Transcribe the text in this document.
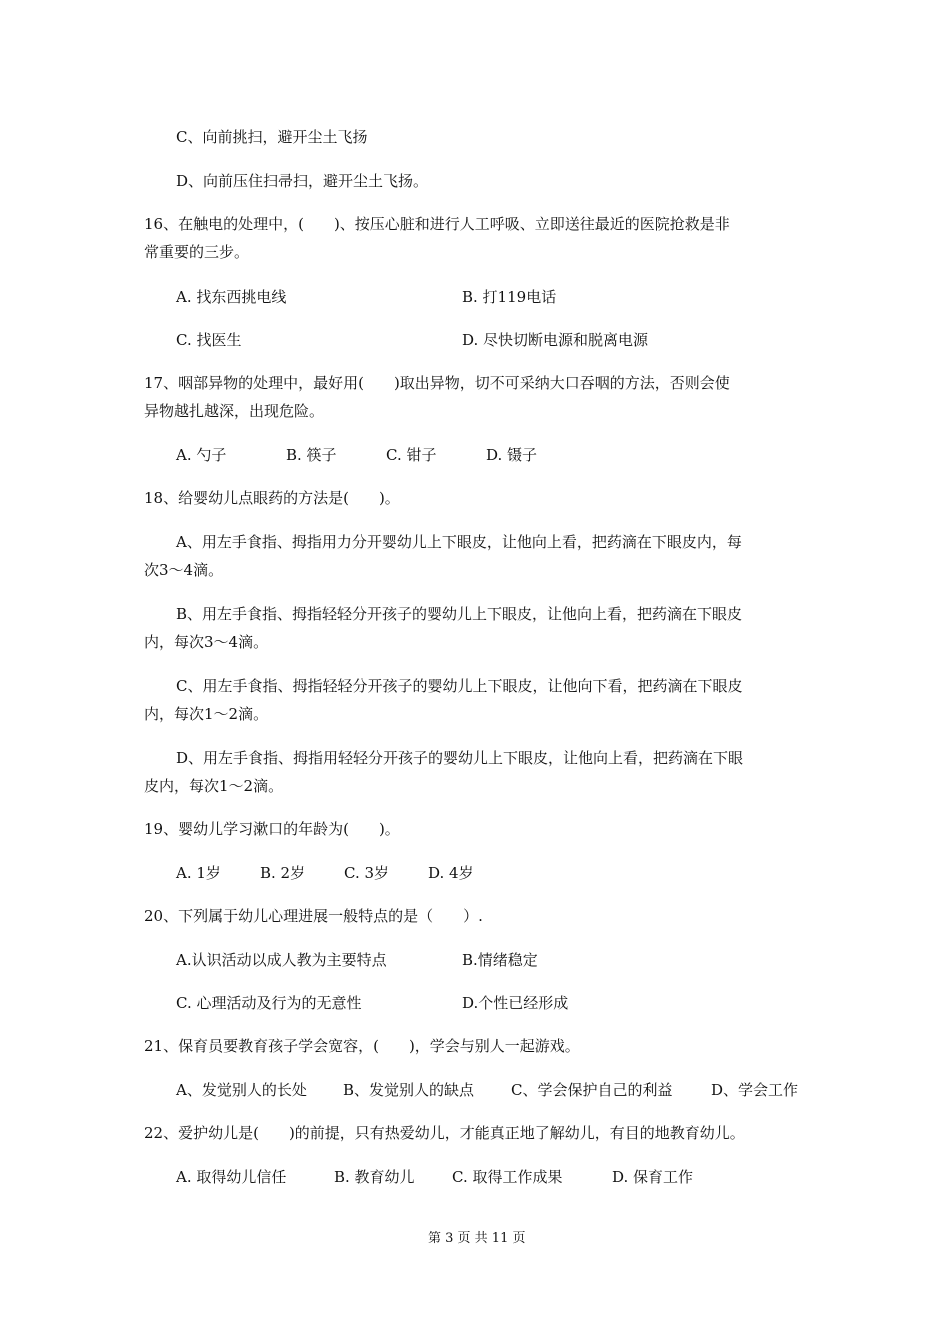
C、向前挑扫，避开尘土飞扬
D、向前压住扫帚扫，避开尘土飞扬。
16、在触电的处理中，(　　)、按压心脏和进行人工呼吸、立即送往最近的医院抢救是非
常重要的三步。
A. 找东西挑电线	B. 打119电话
C. 找医生	D. 尽快切断电源和脱离电源
17、咽部异物的处理中，最好用(　　)取出异物，切不可采纳大口吞咽的方法，否则会使
异物越扎越深，出现危险。
A. 勺子	B. 筷子	C. 钳子	D. 镊子
18、给婴幼儿点眼药的方法是(　　)。
A、用左手食指、拇指用力分开婴幼儿上下眼皮，让他向上看，把药滴在下眼皮内，每
次3～4滴。
B、用左手食指、拇指轻轻分开孩子的婴幼儿上下眼皮，让他向上看，把药滴在下眼皮
内，每次3～4滴。
C、用左手食指、拇指轻轻分开孩子的婴幼儿上下眼皮，让他向下看，把药滴在下眼皮
内，每次1～2滴。
D、用左手食指、拇指用轻轻分开孩子的婴幼儿上下眼皮，让他向上看，把药滴在下眼
皮内，每次1～2滴。
19、婴幼儿学习漱口的年龄为(　　)。
A. 1岁	B. 2岁	C. 3岁	D. 4岁
20、下列属于幼儿心理进展一般特点的是（　　）.
A.认识活动以成人教为主要特点	B.情绪稳定
C. 心理活动及行为的无意性	D.个性已经形成
21、保育员要教育孩子学会宽容，(　　)，学会与别人一起游戏。
A、发觉别人的长处 B、发觉别人的缺点 C、学会保护自己的利益	D、学会工作
22、爱护幼儿是(　　)的前提，只有热爱幼儿，才能真正地了解幼儿，有目的地教育幼儿。
A. 取得幼儿信任	B. 教育幼儿 C. 取得工作成果	D. 保育工作
第 3 页 共 11 页
